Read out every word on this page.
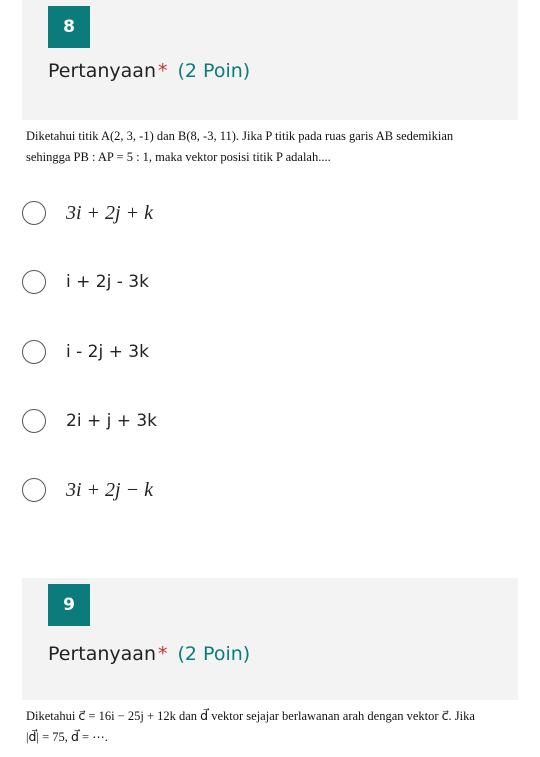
8
Pertanyaan * (2 Poin)
Diketahui titik A(2, 3, -1) dan B(8, -3, 11). Jika P titik pada ruas garis AB sedemikian
sehingga PB : AP = 5 : 1, maka vektor posisi titik P adalah....
3i + 2j + k
i + 2j - 3k
i - 2j + 3k
2i + j + 3k
3i + 2j − k
9
Pertanyaan * (2 Poin)
Diketahui c⃗ = 16i − 25j + 12k dan d⃗ vektor sejajar berlawanan arah dengan vektor c⃗. Jika
|d⃗| = 75, d⃗ = ⋯.
